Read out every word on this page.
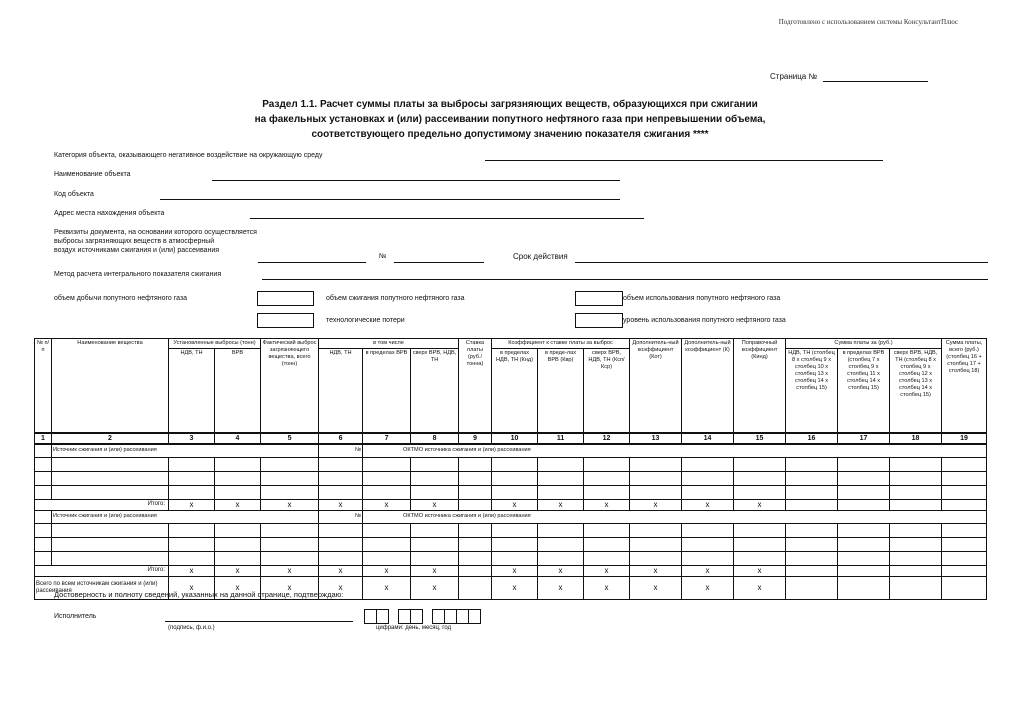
Подготовлено с использованием системы КонсультантПлюс
Страница №
Раздел 1.1. Расчет суммы платы за выбросы загрязняющих веществ, образующихся при сжигании
на факельных установках и (или) рассеивании попутного нефтяного газа при непревышении объема,
соответствующего предельно допустимому значению показателя сжигания ****
Категория объекта, оказывающего негативное воздействие на окружающую среду
Наименование объекта
Код объекта
Адрес места нахождения объекта
Реквизиты документа, на основании которого осуществляется
выбросы загрязняющих веществ в атмосферный
воздух источниками сжигания и (или) рассеивания
№	Срок действия
Метод расчета интегрального показателя сжигания
объем добычи попутного нефтяного газа	объем сжигания попутного нефтяного газа	объем использования попутного нефтяного газа
технологические потери	уровень использования попутного нефтяного газа
№ п/п	Наименование вещества	Установленные выбросы (тонн)		Фактический выброс загрязняющего вещества, всего (тонн)	в том числе			Ставка платы (руб./ тонна)	Коэффициент к ставке платы за выброс			Дополнитель-ный коэффициент (Кот)	Дополнитель-ный коэффициент (К)	Поправочный коэффициент (Кинд)	Сумма платы за (руб.)			Сумма платы, всего (руб.) (столбец 16 + столбец 17 + столбец 18)
		НДВ, ТН	ВРВ		НДВ, ТН	в пределах ВРВ	сверх ВРВ, НДВ, ТН		в пределах НДВ, ТН (Кнд)	в преде-лах ВРВ (Квр)	сверх ВРВ, НДВ, ТН (Ксп/Кср)				НДВ, ТН (столбец 8 х столбец 9 х столбец 10 х столбец 13 х столбец 14 х столбец 15)	в пределах ВРВ (столбец 7 х столбец 9 х столбец 11 х столбец 14 х столбец 15)	сверх ВРВ, НДВ, ТН (столбец 8 х столбец 9 х столбец 12 х столбец 13 х столбец 14 х столбец 15)	
1	2	3	4	5	6	7	8	9	10	11	12	13	14	15	16	17	18	19
	Источник сжигания и (или) рассеивания				№	ОКТМО источника сжигания и (или) рассеивания												

Итого:		x	x	x	x	x	x		x	x	x	x	x	x				
	Источник сжигания и (или) рассеивания				№	ОКТМО источника сжигания и (или) рассеивания												

Итого:		x	x	x	x	x	x		x	x	x	x	x	x				
Всего по всем источникам сжигания и (или) рассеивания		x	x	x	x	x	x		x	x	x	x	x	x				
Достоверность и полноту сведений, указанных на данной странице, подтверждаю:
Исполнитель
(подпись, ф.и.о.)	цифрами: день, месяц, год
